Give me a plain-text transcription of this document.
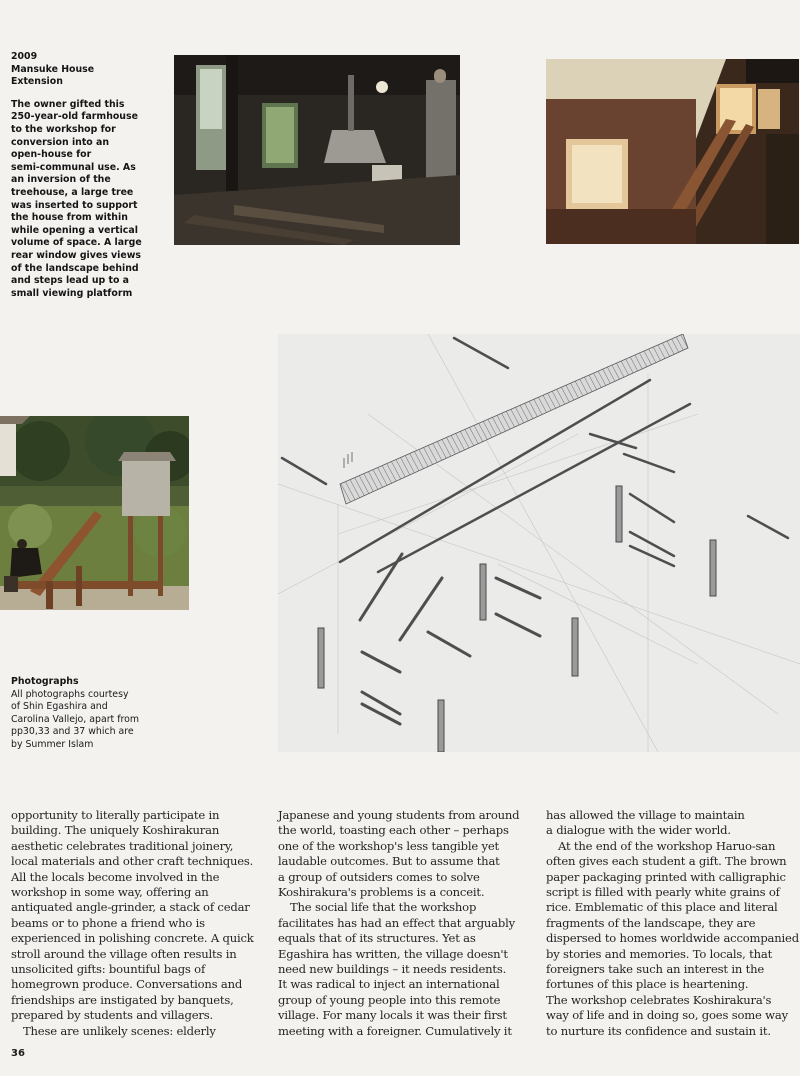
2009
Mansuke House
Extension
The owner gifted this
250-year-old farmhouse
to the workshop for
conversion into an
open-house for
semi-communal use. As
an inversion of the
treehouse, a large tree
was inserted to support
the house from within
while opening a vertical
volume of space. A large
rear window gives views
of the landscape behind
and steps lead up to a
small viewing platform
Photographs
All photographs courtesy
of Shin Egashira and
Carolina Vallejo, apart from
pp30,33 and 37 which are
by Summer Islam
opportunity to literally participate in
building. The uniquely Koshirakuran
aesthetic celebrates traditional joinery,
local materials and other craft techniques.
All the locals become involved in the
workshop in some way, offering an
antiquated angle-grinder, a stack of cedar
beams or to phone a friend who is
experienced in polishing concrete. A quick
stroll around the village often results in
unsolicited gifts: bountiful bags of
homegrown produce. Conversations and
friendships are instigated by banquets,
prepared by students and villagers.
These are unlikely scenes: elderly
Japanese and young students from around
the world, toasting each other – perhaps
one of the workshop's less tangible yet
laudable outcomes. But to assume that
a group of outsiders comes to solve
Koshirakura's problems is a conceit.
The social life that the workshop
facilitates has had an effect that arguably
equals that of its structures. Yet as
Egashira has written, the village doesn't
need new buildings – it needs residents.
It was radical to inject an international
group of young people into this remote
village. For many locals it was their first
meeting with a foreigner. Cumulatively it
has allowed the village to maintain
a dialogue with the wider world.
At the end of the workshop Haruo-san
often gives each student a gift. The brown
paper packaging printed with calligraphic
script is filled with pearly white grains of
rice. Emblematic of this place and literal
fragments of the landscape, they are
dispersed to homes worldwide accompanied
by stories and memories. To locals, that
foreigners take such an interest in the
fortunes of this place is heartening.
The workshop celebrates Koshirakura's
way of life and in doing so, goes some way
to nurture its confidence and sustain it.
36
